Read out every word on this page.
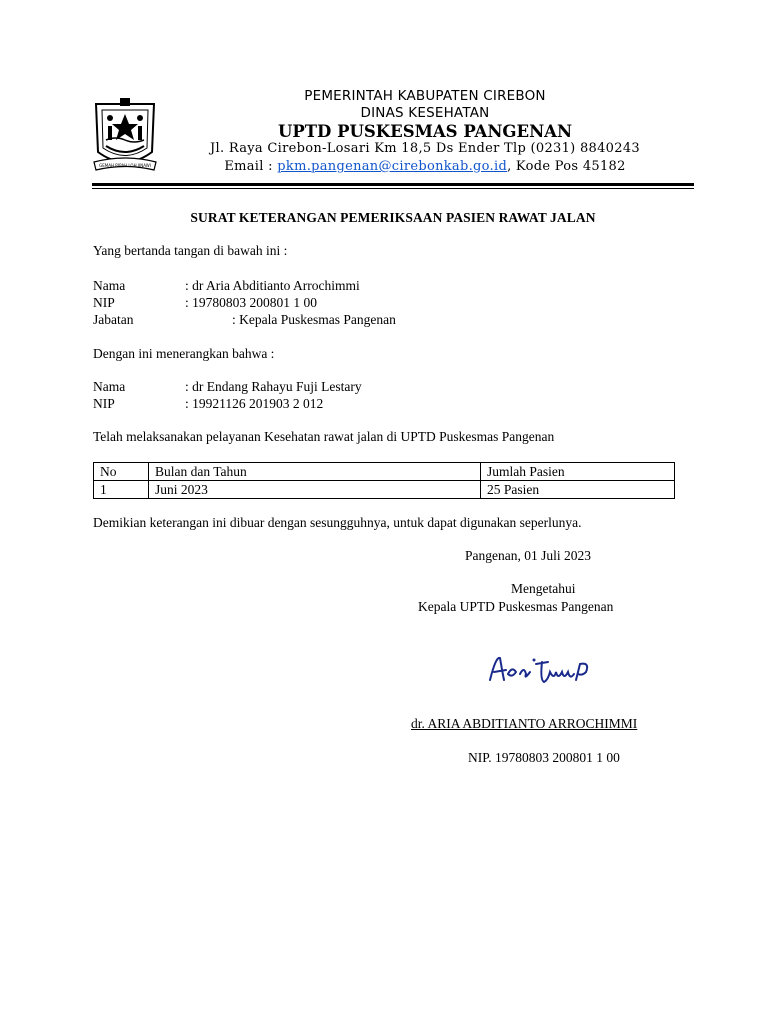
GEMAH RIPAH LOH JINAWI
PEMERINTAH KABUPATEN CIREBON
DINAS KESEHATAN
UPTD PUSKESMAS PANGENAN
Jl. Raya Cirebon-Losari Km 18,5 Ds Ender Tlp (0231) 8840243
Email : pkm.pangenan@cirebonkab.go.id, Kode Pos 45182
SURAT KETERANGAN PEMERIKSAAN PASIEN RAWAT JALAN
Yang bertanda tangan di bawah ini :
Nama	: dr Aria Abditianto Arrochimmi
NIP	: 19780803 200801 1 00
Jabatan	: Kepala Puskesmas Pangenan
Dengan ini menerangkan bahwa :
Nama	: dr Endang Rahayu Fuji Lestary
NIP	: 19921126 201903 2 012
Telah melaksanakan pelayanan Kesehatan rawat jalan di UPTD Puskesmas Pangenan
No	Bulan dan Tahun	Jumlah Pasien
1	Juni 2023	25 Pasien
Demikian keterangan ini dibuar dengan sesungguhnya, untuk dapat digunakan seperlunya.
Pangenan, 01 Juli 2023
Mengetahui
Kepala UPTD Puskesmas Pangenan
dr. ARIA ABDITIANTO ARROCHIMMI
NIP. 19780803 200801 1 00
